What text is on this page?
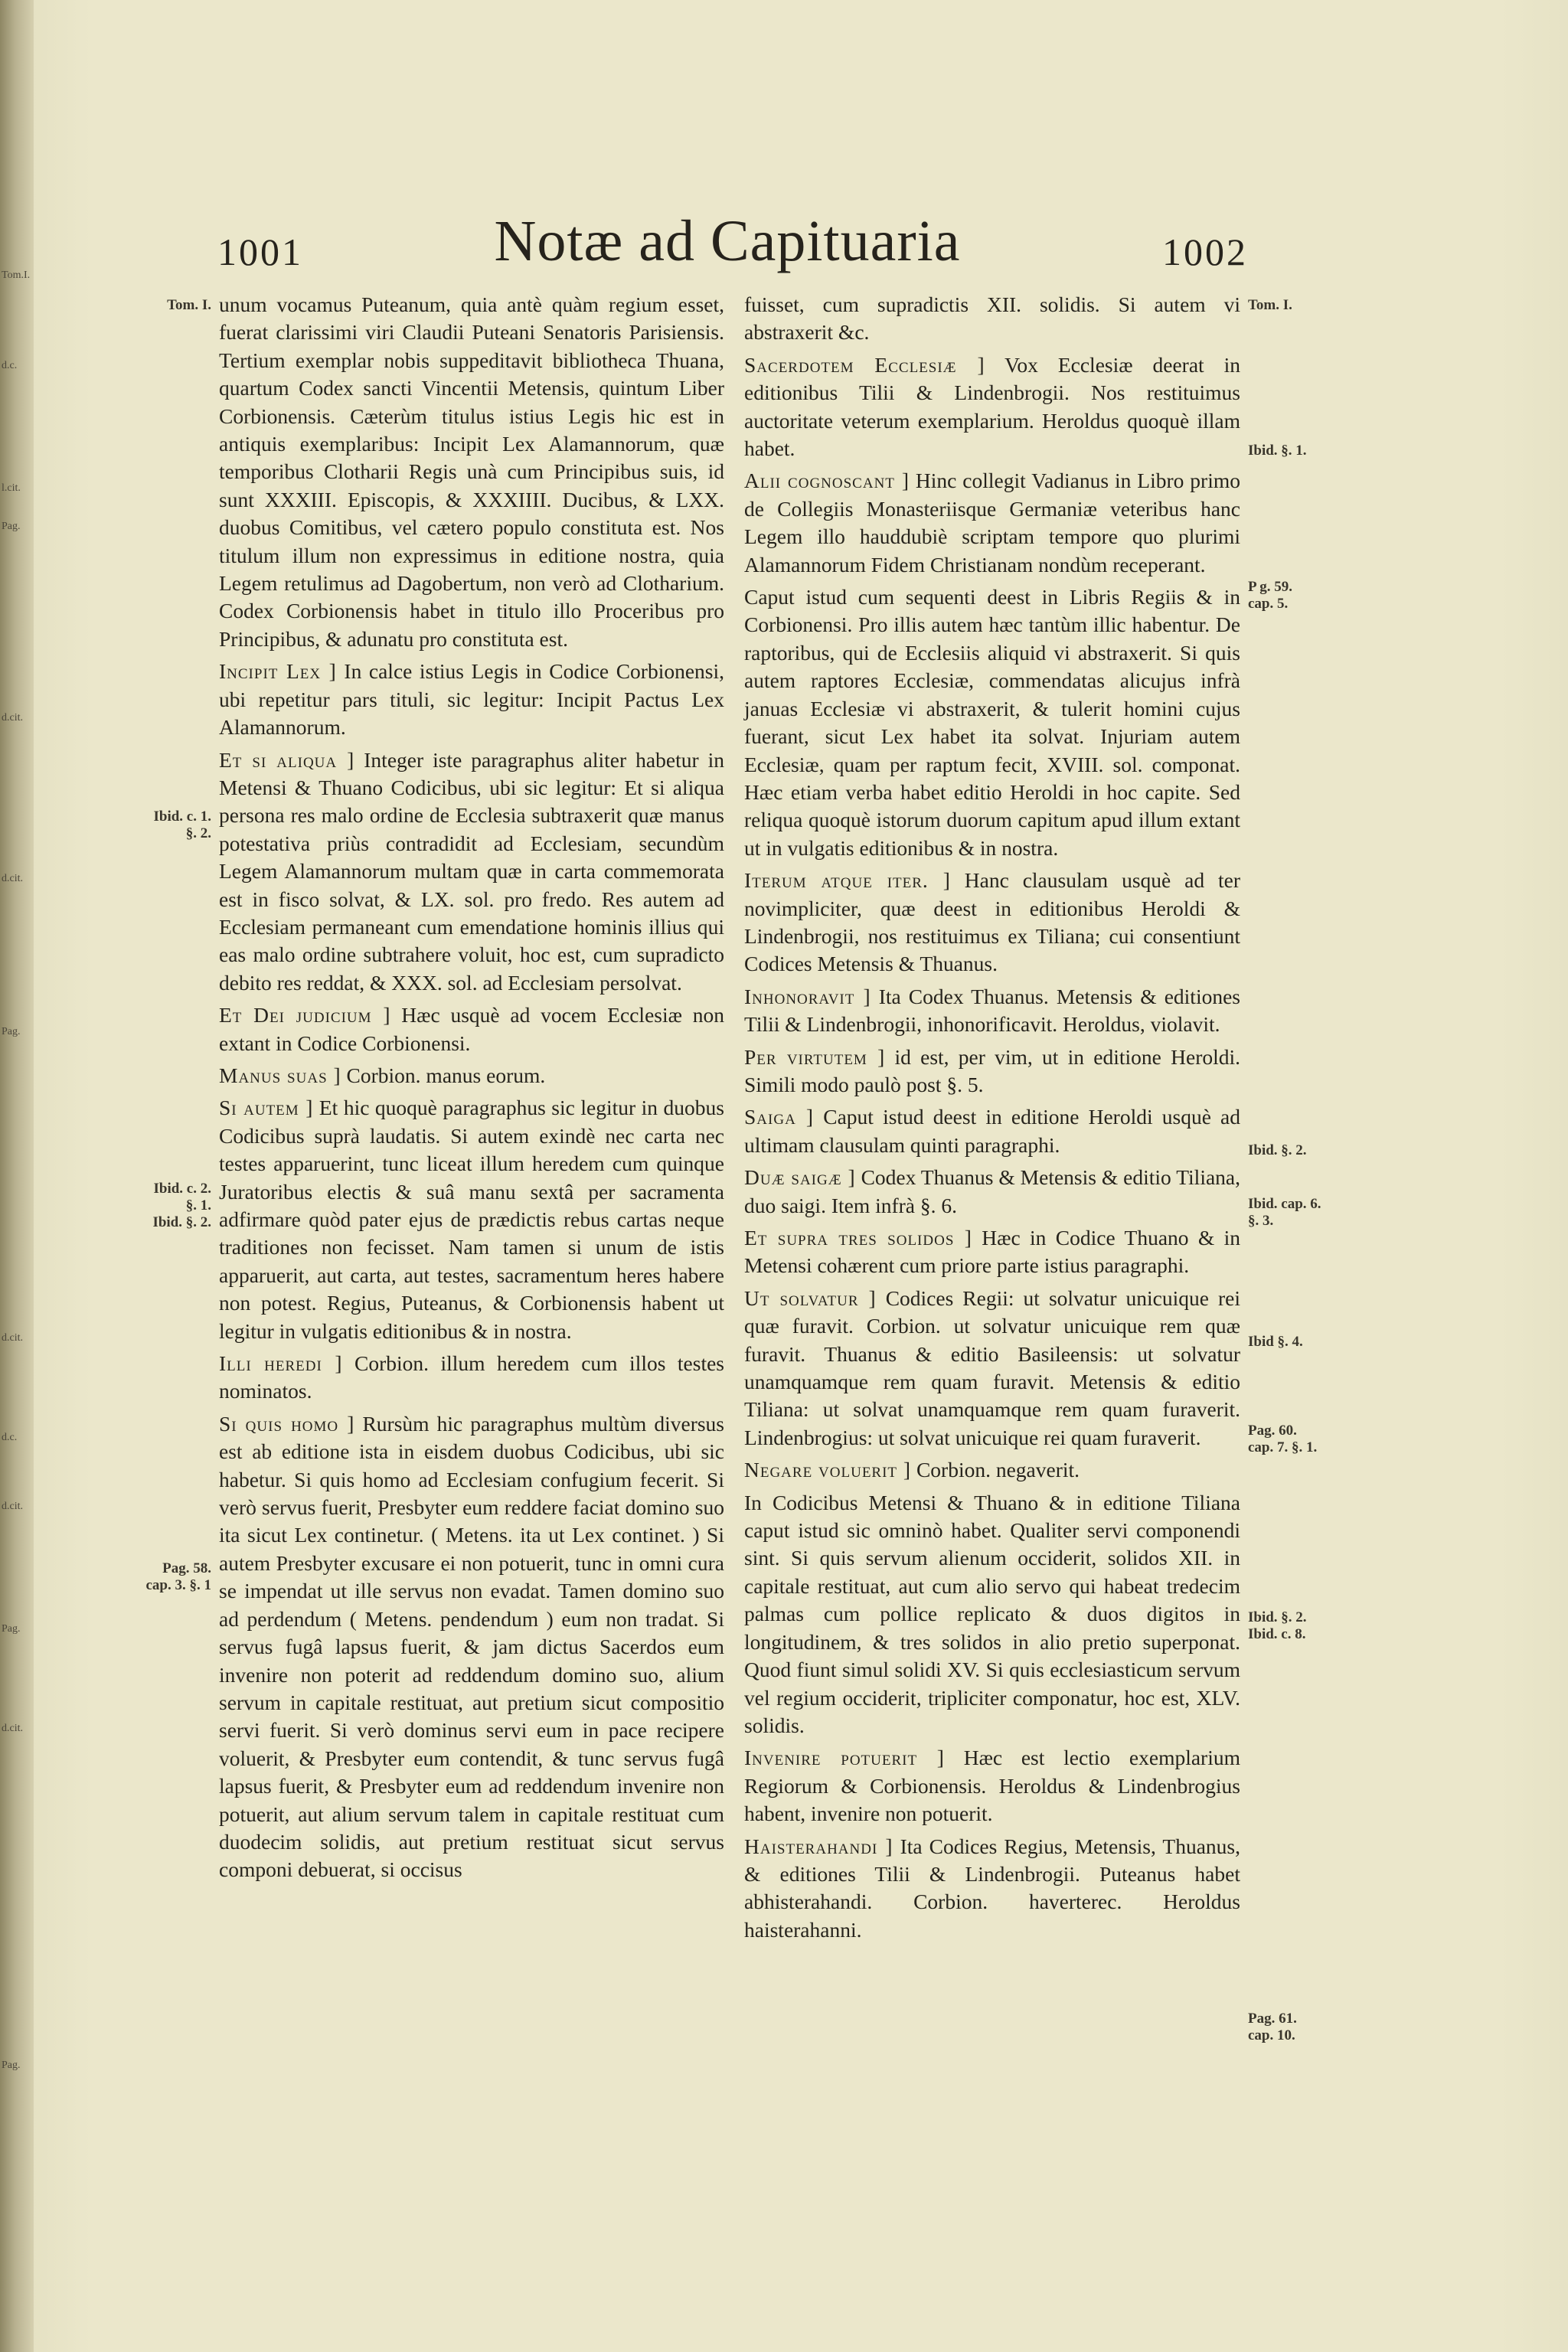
Tom.I.
d.c.
l.cit.
Pag.
d.cit.
d.cit.
Pag.
d.cit.
d.c.
d.cit.
Pag.
d.cit.
Pag.
1001	Notæ ad Capituaria	1002
Tom. I.
Ibid. c. 1.
§. 2.
Ibid. c. 2.
§. 1.
Ibid. §. 2.
Pag. 58.
cap. 3. §. 1
Tom. I.
Ibid. §. 1.
P g. 59.
cap. 5.
Ibid. §. 2.
Ibid. cap. 6.
§. 3.
Ibid §. 4.
Pag. 60.
cap. 7. §. 1.
Ibid. §. 2.
Ibid. c. 8.
Pag. 61.
cap. 10.

unum vocamus Puteanum, quia antè quàm regium esset, fuerat clarissimi viri Claudii Puteani Senatoris Parisiensis. Tertium exemplar nobis suppeditavit bibliotheca Thuana, quartum Codex sancti Vincentii Metensis, quintum Liber Corbionensis. Cæterùm titulus istius Legis hic est in antiquis exemplaribus: Incipit Lex Alamannorum, quæ temporibus Clotharii Regis unà cum Principibus suis, id sunt XXXIII. Episcopis, & XXXIIII. Ducibus, & LXX. duobus Comitibus, vel cætero populo constituta est. Nos titulum illum non expressimus in editione nostra, quia Legem retulimus ad Dagobertum, non verò ad Clotharium. Codex Corbionensis habet in titulo illo Proceribus pro Principibus, & adunatu pro constituta est.

Incipit Lex ] In calce istius Legis in Codice Corbionensi, ubi repetitur pars tituli, sic legitur: Incipit Pactus Lex Alamannorum.

Et si aliqua ] Integer iste paragraphus aliter habetur in Metensi & Thuano Codicibus, ubi sic legitur: Et si aliqua persona res malo ordine de Ecclesia subtraxerit quæ manus potestativa priùs contradidit ad Ecclesiam, secundùm Legem Alamannorum multam quæ in carta commemorata est in fisco solvat, & LX. sol. pro fredo. Res autem ad Ecclesiam permaneant cum emendatione hominis illius qui eas malo ordine subtrahere voluit, hoc est, cum supradicto debito res reddat, & XXX. sol. ad Ecclesiam persolvat.

Et Dei judicium ] Hæc usquè ad vocem Ecclesiæ non extant in Codice Corbionensi.

Manus suas ] Corbion. manus eorum.

Si autem ] Et hic quoquè paragraphus sic legitur in duobus Codicibus suprà laudatis. Si autem exindè nec carta nec testes apparuerint, tunc liceat illum heredem cum quinque Juratoribus electis & suâ manu sextâ per sacramenta adfirmare quòd pater ejus de prædictis rebus cartas neque traditiones non fecisset. Nam tamen si unum de istis apparuerit, aut carta, aut testes, sacramentum heres habere non potest. Regius, Puteanus, & Corbionensis habent ut legitur in vulgatis editionibus & in nostra.

Illi heredi ] Corbion. illum heredem cum illos testes nominatos.

Si quis homo ] Rursùm hic paragraphus multùm diversus est ab editione ista in eisdem duobus Codicibus, ubi sic habetur. Si quis homo ad Ecclesiam confugium fecerit. Si verò servus fuerit, Presbyter eum reddere faciat domino suo ita sicut Lex continetur. ( Metens. ita ut Lex continet. ) Si autem Presbyter excusare ei non potuerit, tunc in omni cura se impendat ut ille servus non evadat. Tamen domino suo ad perdendum ( Metens. pendendum ) eum non tradat. Si servus fugâ lapsus fuerit, & jam dictus Sacerdos eum invenire non poterit ad reddendum domino suo, alium servum in capitale restituat, aut pretium sicut compositio servi fuerit. Si verò dominus servi eum in pace recipere voluerit, & Presbyter eum contendit, & tunc servus fugâ lapsus fuerit, & Presbyter eum ad reddendum invenire non potuerit, aut alium servum talem in capitale restituat cum duodecim solidis, aut pretium restituat sicut servus componi debuerat, si occisus

fuisset, cum supradictis XII. solidis. Si autem vi abstraxerit &c.

Sacerdotem Ecclesiæ ] Vox Ecclesiæ deerat in editionibus Tilii & Lindenbrogii. Nos restituimus auctoritate veterum exemplarium. Heroldus quoquè illam habet.

Alii cognoscant ] Hinc collegit Vadianus in Libro primo de Collegiis Monasteriisque Germaniæ veteribus hanc Legem illo hauddubiè scriptam tempore quo plurimi Alamannorum Fidem Christianam nondùm receperant.

Caput istud cum sequenti deest in Libris Regiis & in Corbionensi. Pro illis autem hæc tantùm illic habentur. De raptoribus, qui de Ecclesiis aliquid vi abstraxerit. Si quis autem raptores Ecclesiæ, commendatas alicujus infrà januas Ecclesiæ vi abstraxerit, & tulerit homini cujus fuerant, sicut Lex habet ita solvat. Injuriam autem Ecclesiæ, quam per raptum fecit, XVIII. sol. componat. Hæc etiam verba habet editio Heroldi in hoc capite. Sed reliqua quoquè istorum duorum capitum apud illum extant ut in vulgatis editionibus & in nostra.

Iterum atque iter. ] Hanc clausulam usquè ad ter novimpliciter, quæ deest in editionibus Heroldi & Lindenbrogii, nos restituimus ex Tiliana; cui consentiunt Codices Metensis & Thuanus.

Inhonoravit ] Ita Codex Thuanus. Metensis & editiones Tilii & Lindenbrogii, inhonorificavit. Heroldus, violavit.

Per virtutem ] id est, per vim, ut in editione Heroldi. Simili modo paulò post §. 5.

Saiga ] Caput istud deest in editione Heroldi usquè ad ultimam clausulam quinti paragraphi.

Duæ saigæ ] Codex Thuanus & Metensis & editio Tiliana, duo saigi. Item infrà §. 6.

Et supra tres solidos ] Hæc in Codice Thuano & in Metensi cohærent cum priore parte istius paragraphi.

Ut solvatur ] Codices Regii: ut solvatur unicuique rei quæ furavit. Corbion. ut solvatur unicuique rem quæ furavit. Thuanus & editio Basileensis: ut solvatur unamquamque rem quam furavit. Metensis & editio Tiliana: ut solvat unamquamque rem quam furaverit. Lindenbrogius: ut solvat unicuique rei quam furaverit.

Negare voluerit ] Corbion. negaverit.

In Codicibus Metensi & Thuano & in editione Tiliana caput istud sic omninò habet. Qualiter servi componendi sint. Si quis servum alienum occiderit, solidos XII. in capitale restituat, aut cum alio servo qui habeat tredecim palmas cum pollice replicato & duos digitos in longitudinem, & tres solidos in alio pretio superponat. Quod fiunt simul solidi XV. Si quis ecclesiasticum servum vel regium occiderit, tripliciter componatur, hoc est, XLV. solidis.

Invenire potuerit ] Hæc est lectio exemplarium Regiorum & Corbionensis. Heroldus & Lindenbrogius habent, invenire non potuerit.

Haisterahandi ] Ita Codices Regius, Metensis, Thuanus, & editiones Tilii & Lindenbrogii. Puteanus habet abhisterahandi. Corbion. haverterec. Heroldus haisterahanni.
